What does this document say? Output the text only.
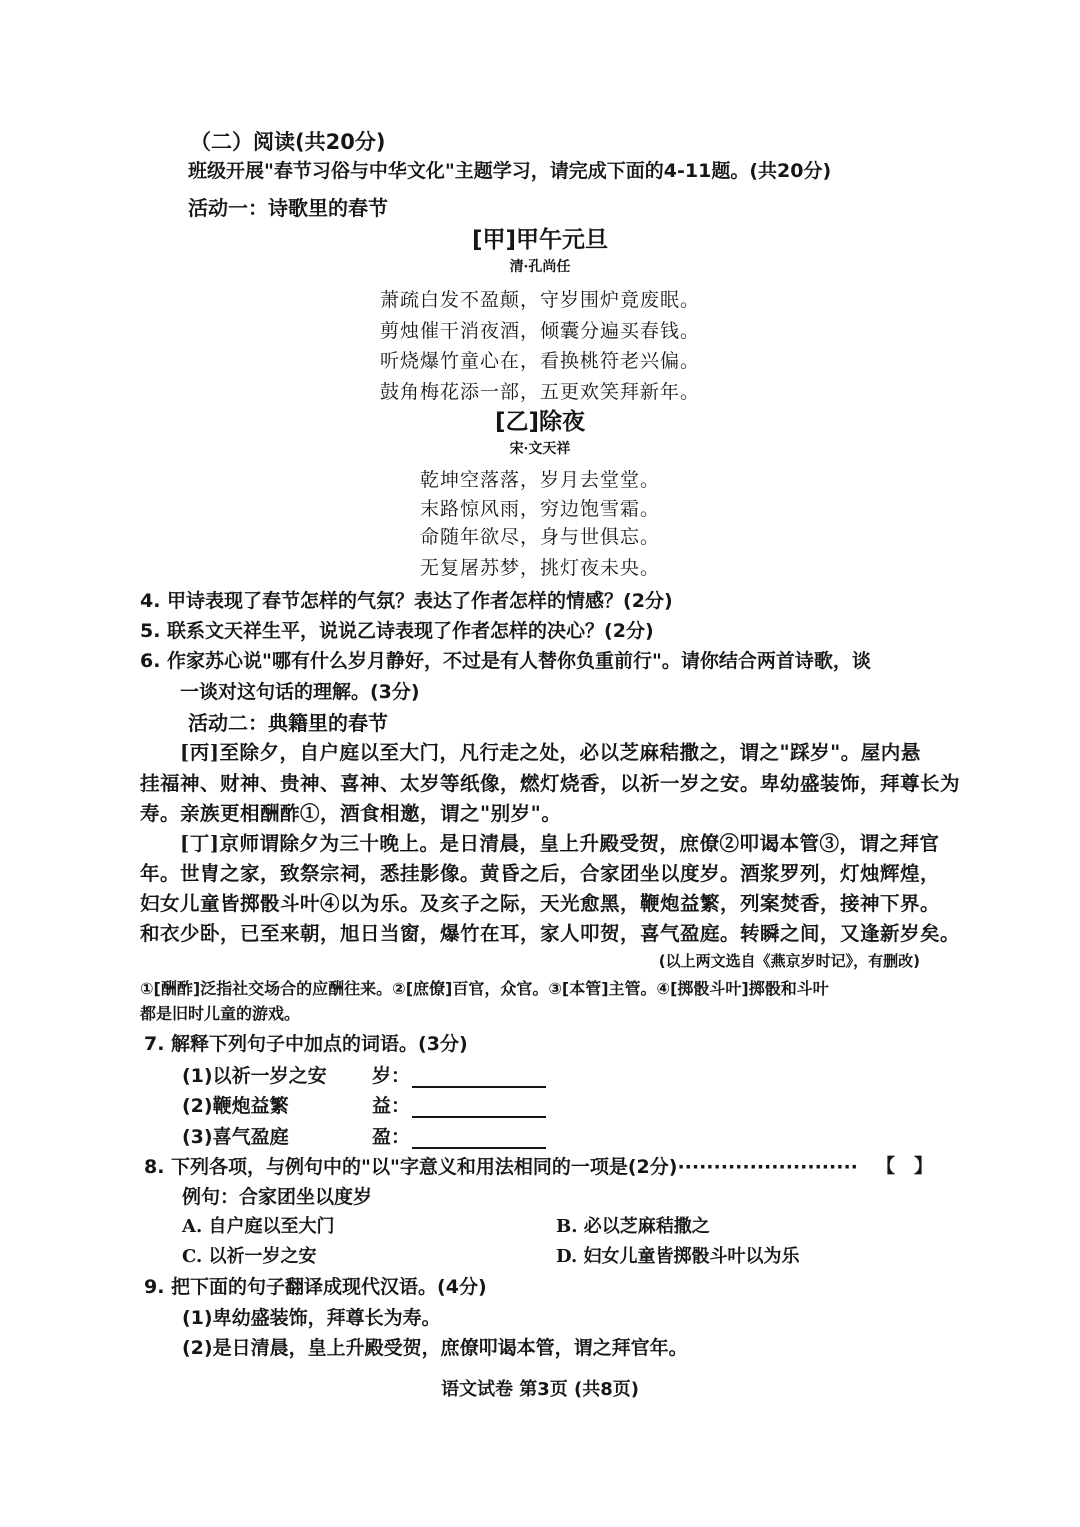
（二）阅读(共20分)
班级开展"春节习俗与中华文化"主题学习，请完成下面的4-11题。(共20分)
活动一：诗歌里的春节
[甲]甲午元旦
清·孔尚任
萧疏白发不盈颠，守岁围炉竟废眠。
剪烛催干消夜酒，倾囊分遍买春钱。
听烧爆竹童心在，看换桃符老兴偏。
鼓角梅花添一部，五更欢笑拜新年。
[乙]除夜
宋·文天祥
乾坤空落落，岁月去堂堂。
末路惊风雨，穷边饱雪霜。
命随年欲尽，身与世俱忘。
无复屠苏梦，挑灯夜未央。
4. 甲诗表现了春节怎样的气氛？表达了作者怎样的情感？(2分)
5. 联系文天祥生平，说说乙诗表现了作者怎样的决心？(2分)
6. 作家苏心说"哪有什么岁月静好，不过是有人替你负重前行"。请你结合两首诗歌，谈
一谈对这句话的理解。(3分)
活动二：典籍里的春节
[丙]至除夕，自户庭以至大门，凡行走之处，必以芝麻秸撒之，谓之"踩岁"。屋内悬
挂福神、财神、贵神、喜神、太岁等纸像，燃灯烧香，以祈一岁之安。卑幼盛装饰，拜尊长为
寿。亲族更相酬酢①，酒食相邀，谓之"别岁"。
[丁]京师谓除夕为三十晚上。是日清晨，皇上升殿受贺，庶僚②叩谒本管③，谓之拜官
年。世胄之家，致祭宗祠，悉挂影像。黄昏之后，合家团坐以度岁。酒浆罗列，灯烛辉煌，
妇女儿童皆掷骰斗叶④以为乐。及亥子之际，天光愈黑，鞭炮益繁，列案焚香，接神下界。
和衣少卧，已至来朝，旭日当窗，爆竹在耳，家人叩贺，喜气盈庭。转瞬之间，又逢新岁矣。
(以上两文选自《燕京岁时记》，有删改)
①[酬酢]泛指社交场合的应酬往来。②[庶僚]百官，众官。③[本管]主管。④[掷骰斗叶]掷骰和斗叶
都是旧时儿童的游戏。
7. 解释下列句子中加点的词语。(3分)
(1)以祈一岁之安 岁：
(2)鞭炮益繁	益：
(3)喜气盈庭	盈：
8. 下列各项，与例句中的"以"字意义和用法相同的一项是(2分)························· 【　】
例句：合家团坐以度岁
A. 自户庭以至大门	B. 必以芝麻秸撒之
C. 以祈一岁之安	D. 妇女儿童皆掷骰斗叶以为乐
9. 把下面的句子翻译成现代汉语。(4分)
(1)卑幼盛装饰，拜尊长为寿。
(2)是日清晨，皇上升殿受贺，庶僚叩谒本管，谓之拜官年。
语文试卷 第3页 (共8页)
